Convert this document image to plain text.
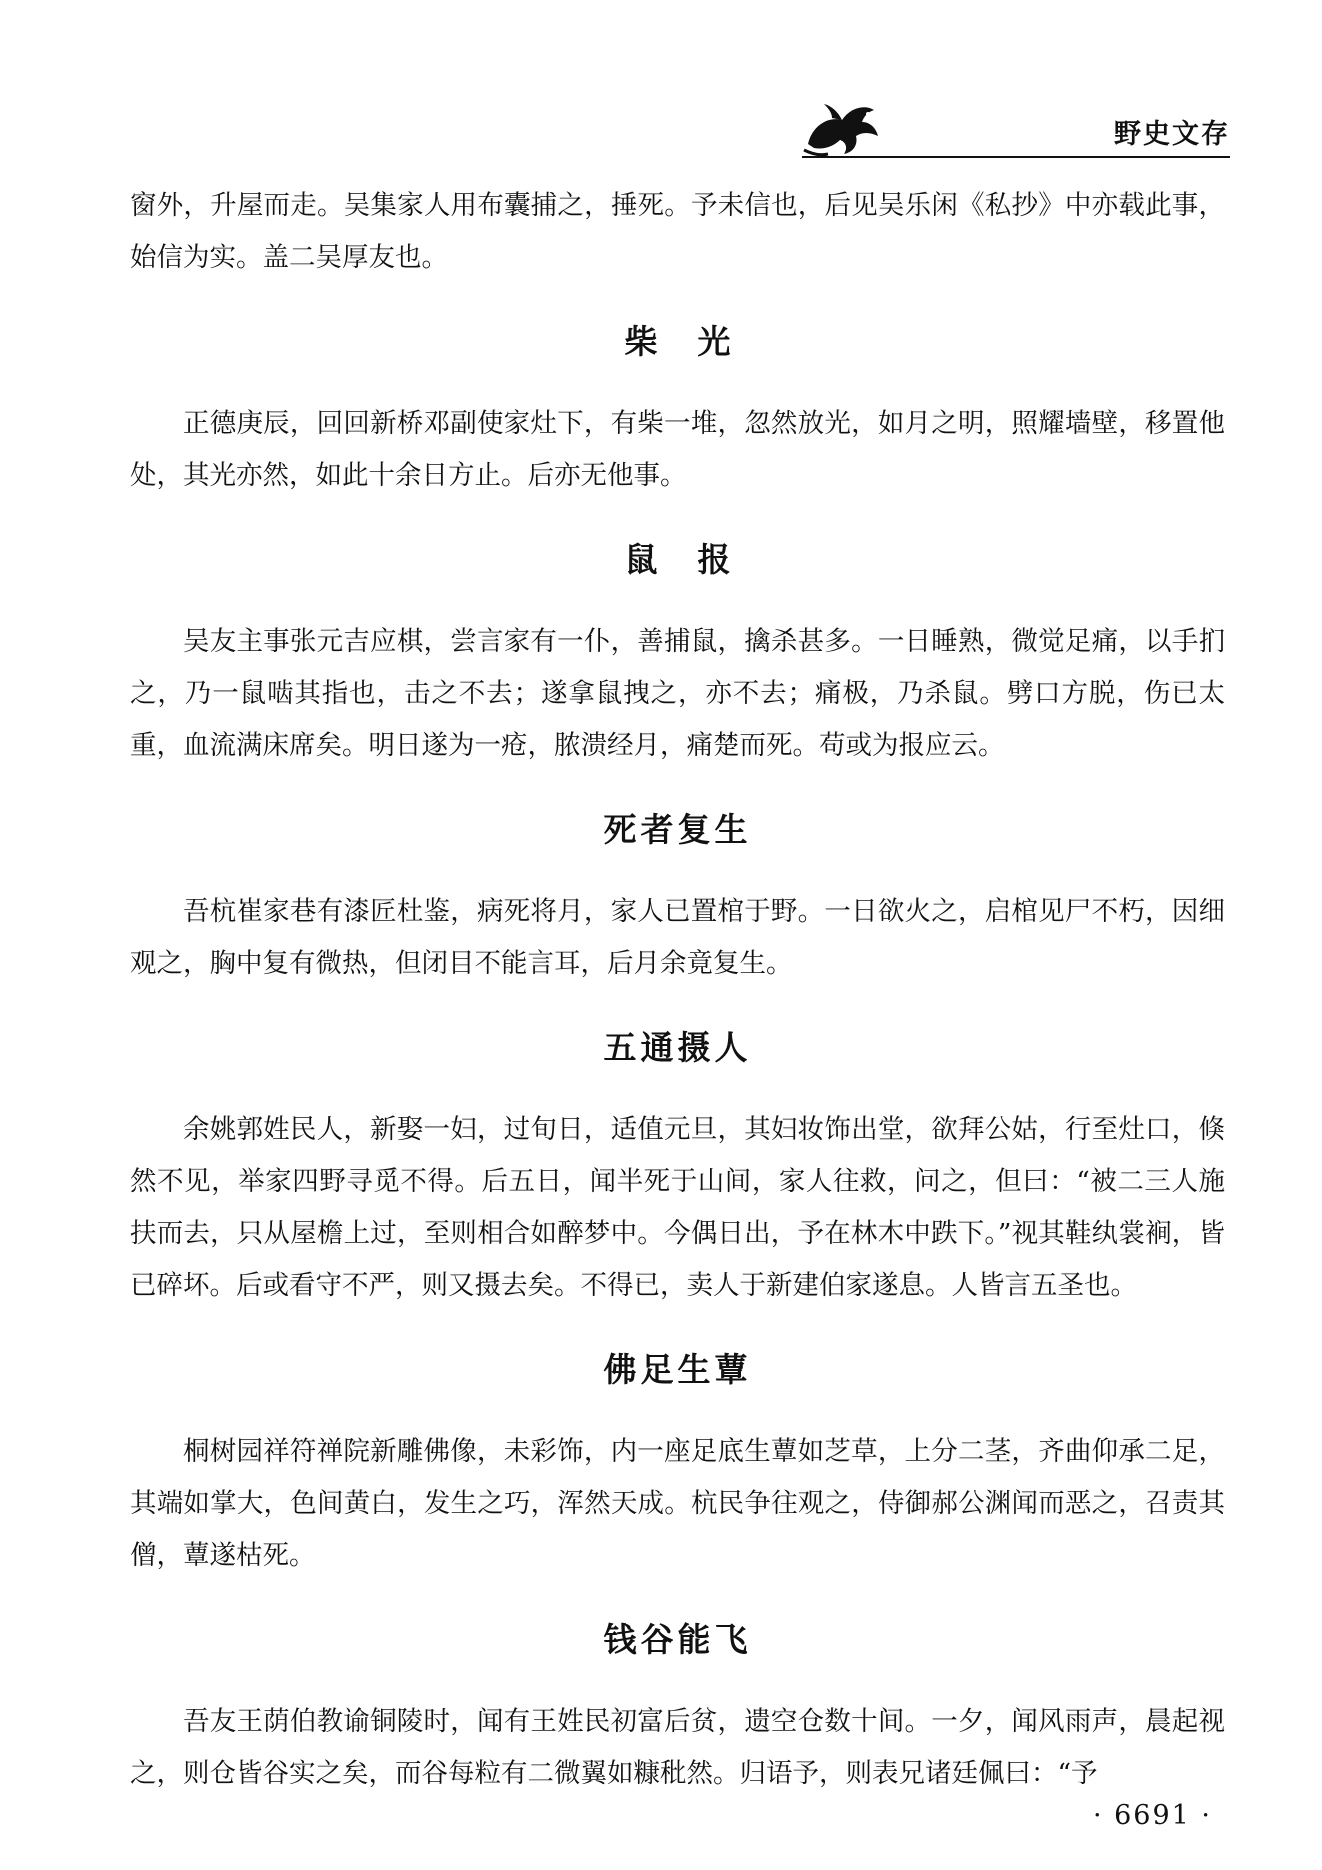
野史文存

窗外，升屋而走。吴集家人用布囊捕之，捶死。予未信也，后见吴乐闲《私抄》中亦载此事，始信为实。盖二吴厚友也。

柴光

正德庚辰，回回新桥邓副使家灶下，有柴一堆，忽然放光，如月之明，照耀墙壁，移置他处，其光亦然，如此十余日方止。后亦无他事。

鼠报

吴友主事张元吉应棋，尝言家有一仆，善捕鼠，擒杀甚多。一日睡熟，微觉足痛，以手扪之，乃一鼠啮其指也，击之不去；遂拿鼠拽之，亦不去；痛极，乃杀鼠。劈口方脱，伤已太重，血流满床席矣。明日遂为一疮，脓溃经月，痛楚而死。苟或为报应云。

死者复生

吾杭崔家巷有漆匠杜鉴，病死将月，家人已置棺于野。一日欲火之，启棺见尸不朽，因细观之，胸中复有微热，但闭目不能言耳，后月余竟复生。

五通摄人

余姚郭姓民人，新娶一妇，过旬日，适值元旦，其妇妆饰出堂，欲拜公姑，行至灶口，倏然不见，举家四野寻觅不得。后五日，闻半死于山间，家人往救，问之，但曰：“被二三人施扶而去，只从屋檐上过，至则相合如醉梦中。今偶日出，予在林木中跌下。”视其鞋纨裳裥，皆已碎坏。后或看守不严，则又摄去矣。不得已，卖人于新建伯家遂息。人皆言五圣也。

佛足生蕈

桐树园祥符禅院新雕佛像，未彩饰，内一座足底生蕈如芝草，上分二茎，齐曲仰承二足，其端如掌大，色间黄白，发生之巧，浑然天成。杭民争往观之，侍御郝公渊闻而恶之，召责其僧，蕈遂枯死。

钱谷能飞

吾友王荫伯教谕铜陵时，闻有王姓民初富后贫，遗空仓数十间。一夕，闻风雨声，晨起视之，则仓皆谷实之矣，而谷每粒有二微翼如糠秕然。归语予，则表兄诸廷佩曰：“予

· 6691 ·
